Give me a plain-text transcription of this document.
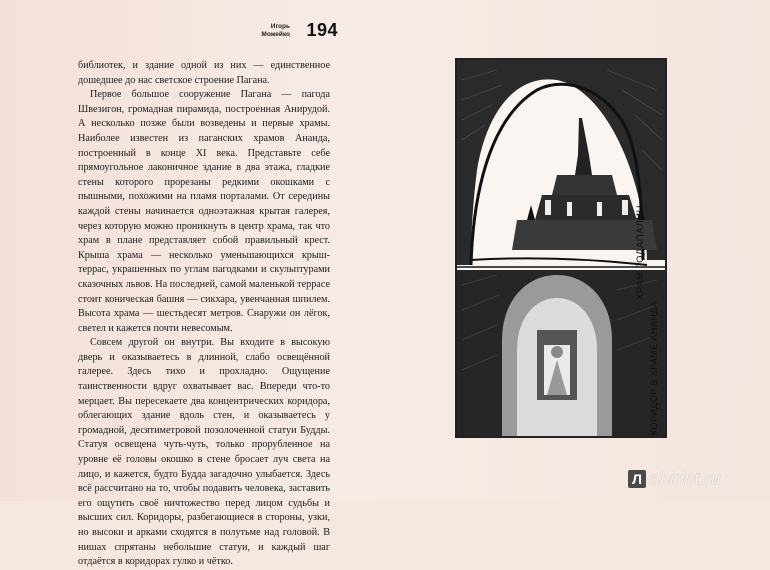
Игорь
Можейко 194

библиотек, и здание одной из них — единственное дошедшее до нас светское строение Пагана.

Первое большое сооружение Пагана — пагода Швезигон, громадная пирамида, построенная Анирудой. А несколько позже были возведены и первые храмы. Наиболее известен из паганских храмов Ананда, построенный в конце XI века. Представьте себе прямоугольное лаконичное здание в два этажа, гладкие стены которого прорезаны редкими окошками с пышными, похожими на пламя порталами. От середины каждой стены начинается одноэтажная крытая галерея, через которую можно проникнуть в центр храма, так что храм в плане представляет собой правильный крест. Крыша храма — несколько уменьшающихся крыш-террас, украшенных по углам пагодками и скульптурами сказочных львов. На последней, самой маленькой террасе стоит коническая башня — сикхара, увенчанная шпилем. Высота храма — шестьдесят метров. Снаружи он лёгок, светел и кажется почти невесомым.

Совсем другой он внутри. Вы входите в высокую дверь и оказываетесь в длинной, слабо освещённой галерее. Здесь тихо и прохладно. Ощущение таинственности вдруг охватывает вас. Впереди что-то мерцает. Вы пересекаете два концентрических коридора, облегающих здание вдоль стен, и оказываетесь у громадной, десятиметровой позолоченной статуи Будды. Статуя освещена чуть-чуть, только прорубленное на уровне её головы окошко в стене бросает луч света на лицо, и кажется, будто Будда загадочно улыбается. Здесь всё рассчитано на то, чтобы подавить человека, заставить его ощутить своё ничтожество перед лицом судьбы и высших сил. Коридоры, разбегающиеся в стороны, узки, но высоки и арками сходятся в полутьме над головой. В нишах спрятаны небольшие статуи, и каждый шаг отдаётся в коридорах гулко и чётко.

ХРАМ ГОДАПАЛИН
КОРИДОР В ХРАМЕ АНАНДА
Л abirint.ru
